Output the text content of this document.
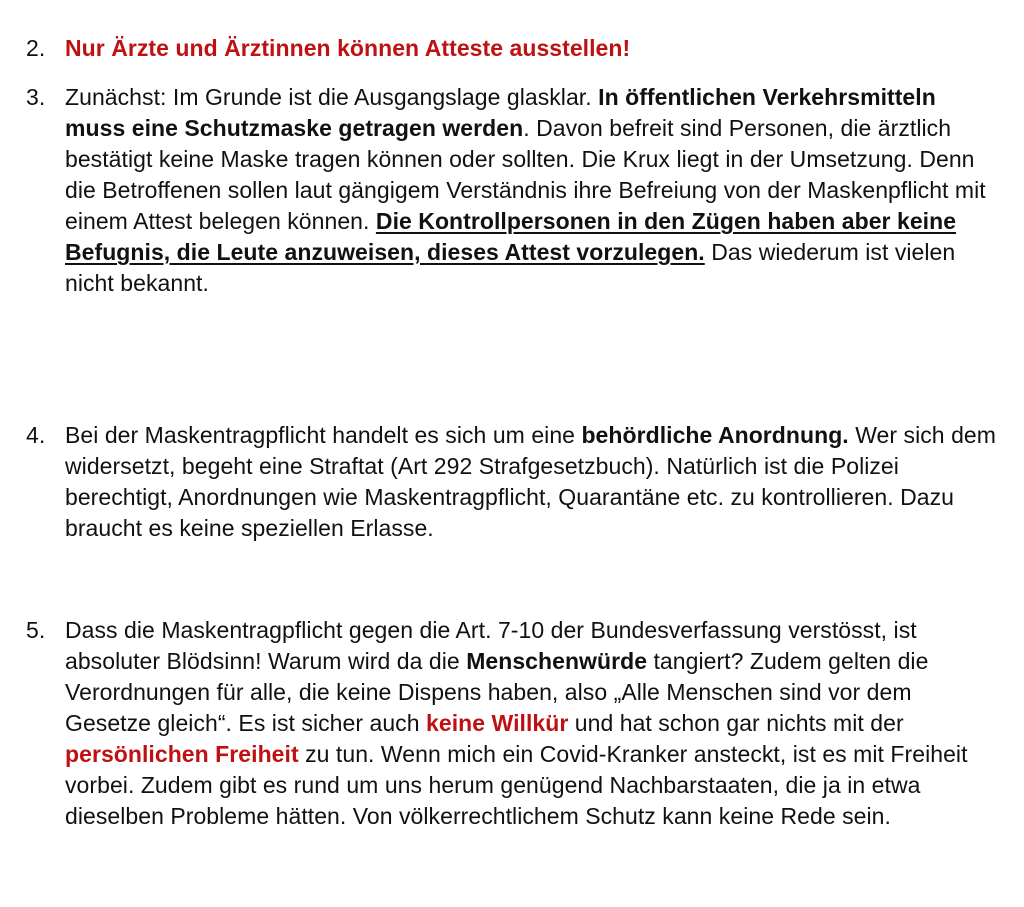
2. Nur Ärzte und Ärztinnen können Atteste ausstellen!
3. Zunächst: Im Grunde ist die Ausgangslage glasklar. In öffentlichen Verkehrsmitteln muss eine Schutzmaske getragen werden. Davon befreit sind Personen, die ärztlich bestätigt keine Maske tragen können oder sollten. Die Krux liegt in der Umsetzung. Denn die Betroffenen sollen laut gängigem Verständnis ihre Befreiung von der Maskenpflicht mit einem Attest belegen können. Die Kontrollpersonen in den Zügen haben aber keine Befugnis, die Leute anzuweisen, dieses Attest vorzulegen. Das wiederum ist vielen nicht bekannt.
4. Bei der Maskentragpflicht handelt es sich um eine behördliche Anordnung. Wer sich dem widersetzt, begeht eine Straftat (Art 292 Strafgesetzbuch). Natürlich ist die Polizei berechtigt, Anordnungen wie Maskentragpflicht, Quarantäne etc. zu kontrollieren. Dazu braucht es keine speziellen Erlasse.
5. Dass die Maskentragpflicht gegen die Art. 7-10 der Bundesverfassung verstösst, ist absoluter Blödsinn! Warum wird da die Menschenwürde tangiert? Zudem gelten die Verordnungen für alle, die keine Dispens haben, also „Alle Menschen sind vor dem Gesetze gleich“. Es ist sicher auch keine Willkür und hat schon gar nichts mit der persönlichen Freiheit zu tun. Wenn mich ein Covid-Kranker ansteckt, ist es mit Freiheit vorbei. Zudem gibt es rund um uns herum genügend Nachbarstaaten, die ja in etwa dieselben Probleme hätten. Von völkerrechtlichem Schutz kann keine Rede sein.
